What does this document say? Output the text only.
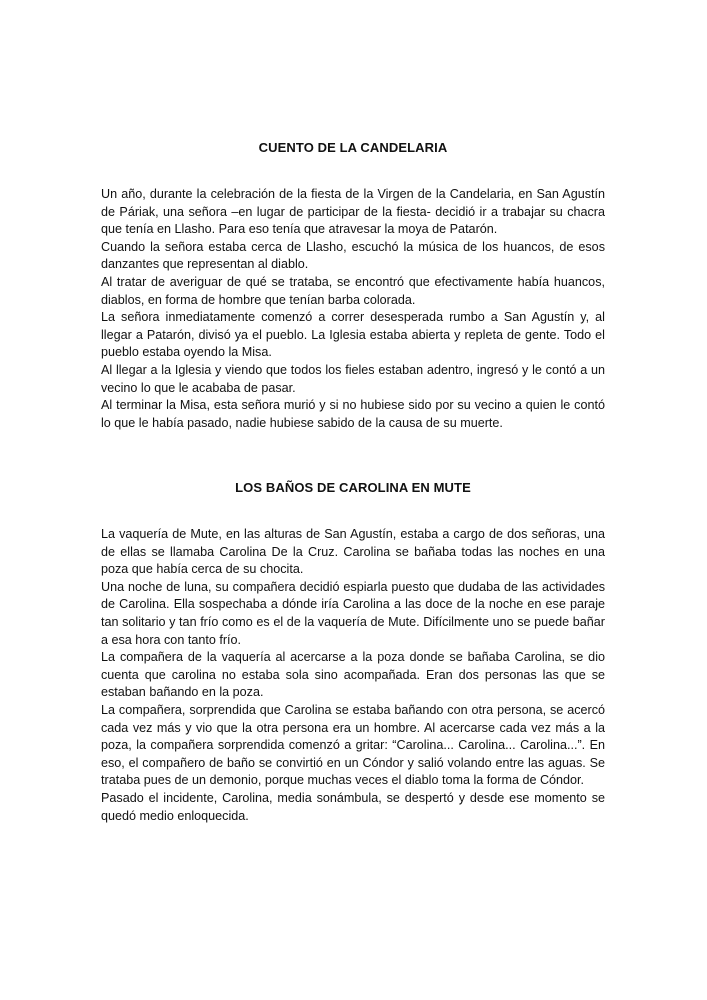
CUENTO DE LA CANDELARIA

Un año, durante la celebración de la fiesta de la Virgen de la Candelaria, en San Agustín de Páriak, una señora –en lugar de participar de la fiesta- decidió ir a trabajar su chacra que tenía en Llasho. Para eso tenía que atravesar la moya de Patarón.

Cuando la señora estaba cerca de Llasho, escuchó la música de los huancos, de esos danzantes que representan al diablo.

Al tratar de averiguar de qué se trataba, se encontró que efectivamente había huancos, diablos, en forma de hombre que tenían barba colorada.

La señora inmediatamente comenzó a correr desesperada rumbo a San Agustín y, al llegar a Patarón, divisó ya el pueblo. La Iglesia estaba abierta y repleta de gente. Todo el pueblo estaba oyendo la Misa.

Al llegar a la Iglesia y viendo que todos los fieles estaban adentro, ingresó y le contó a un vecino lo que le acababa de pasar.

Al terminar la Misa, esta señora murió y si no hubiese sido por su vecino a quien le contó lo que le había pasado, nadie hubiese sabido de la causa de su muerte.

LOS BAÑOS DE CAROLINA EN MUTE

La vaquería de Mute, en las alturas de San Agustín, estaba a cargo de dos señoras, una de ellas se llamaba Carolina De la Cruz. Carolina se bañaba todas las noches en una poza que había cerca de su chocita.

Una noche de luna, su compañera decidió espiarla puesto que dudaba de las actividades de Carolina. Ella sospechaba a dónde iría Carolina a las doce de la noche en ese paraje tan solitario y tan frío como es el de la vaquería de Mute. Difícilmente uno se puede bañar a esa hora con tanto frío.

La compañera de la vaquería al acercarse a la poza donde se bañaba Carolina, se dio cuenta que carolina no estaba sola sino acompañada. Eran dos personas las que se estaban bañando en la poza.

La compañera, sorprendida que Carolina se estaba bañando con otra persona, se acercó cada vez más y vio que la otra persona era un hombre. Al acercarse cada vez más a la poza, la compañera sorprendida comenzó a gritar: “Carolina... Carolina... Carolina...”. En eso, el compañero de baño se convirtió en un Cóndor y salió volando entre las aguas. Se trataba pues de un demonio, porque muchas veces el diablo toma la forma de Cóndor.

Pasado el incidente, Carolina, media sonámbula, se despertó y desde ese momento se quedó medio enloquecida.
